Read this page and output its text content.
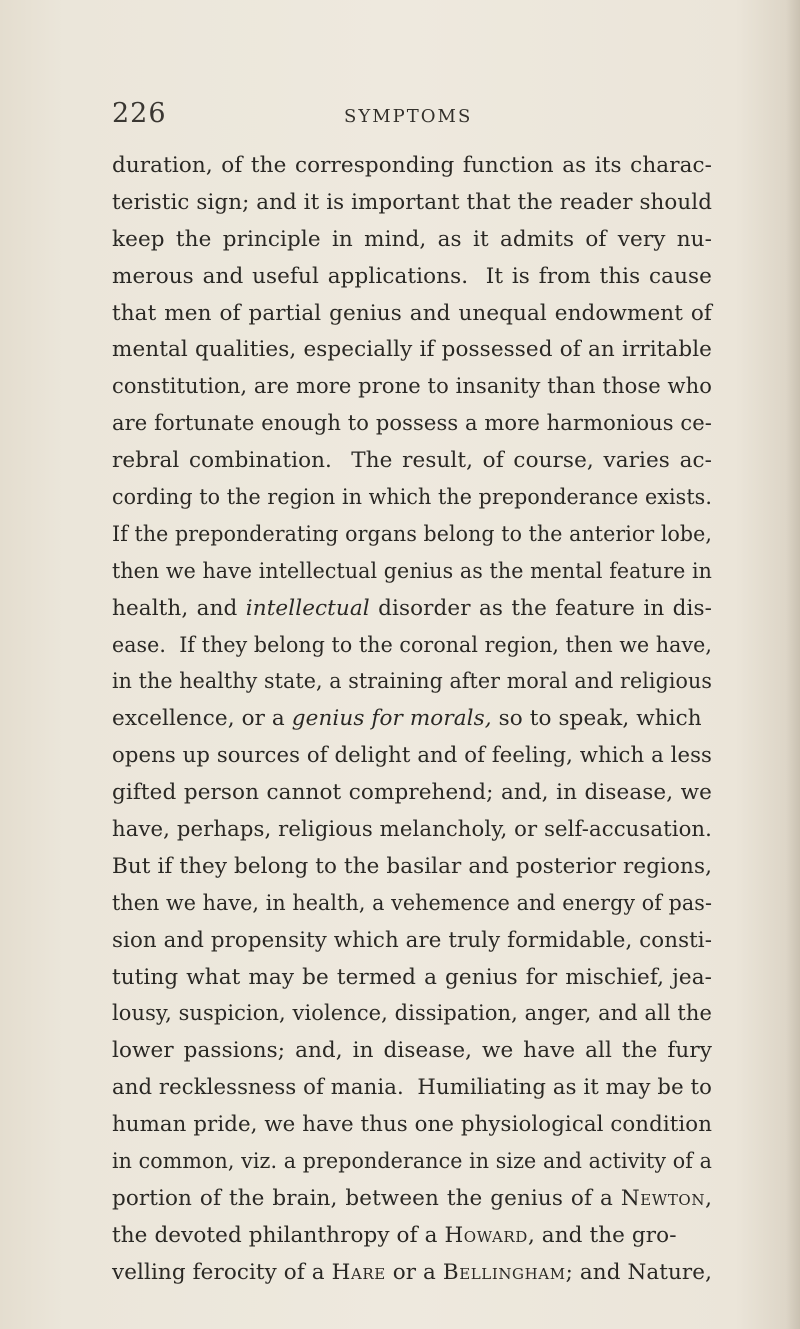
226	SYMPTOMS
duration, of the corresponding function as its charac-
teristic sign; and it is important that the reader should
keep the principle in mind, as it admits of very nu-
merous and useful applications.  It is from this cause
that men of partial genius and unequal endowment of
mental qualities, especially if possessed of an irritable
constitution, are more prone to insanity than those who
are fortunate enough to possess a more harmonious ce-
rebral combination.  The result, of course, varies ac-
cording to the region in which the preponderance exists.
If the preponderating organs belong to the anterior lobe,
then we have intellectual genius as the mental feature in
health, and intellectual disorder as the feature in dis-
ease.  If they belong to the coronal region, then we have,
in the healthy state, a straining after moral and religious
excellence, or a genius for morals, so to speak, which
opens up sources of delight and of feeling, which a less
gifted person cannot comprehend; and, in disease, we
have, perhaps, religious melancholy, or self-accusation.
But if they belong to the basilar and posterior regions,
then we have, in health, a vehemence and energy of pas-
sion and propensity which are truly formidable, consti-
tuting what may be termed a genius for mischief, jea-
lousy, suspicion, violence, dissipation, anger, and all the
lower passions; and, in disease, we have all the fury
and recklessness of mania.  Humiliating as it may be to
human pride, we have thus one physiological condition
in common, viz. a preponderance in size and activity of a
portion of the brain, between the genius of a Newton,
the devoted philanthropy of a Howard, and the gro-
velling ferocity of a Hare or a Bellingham; and Nature,
